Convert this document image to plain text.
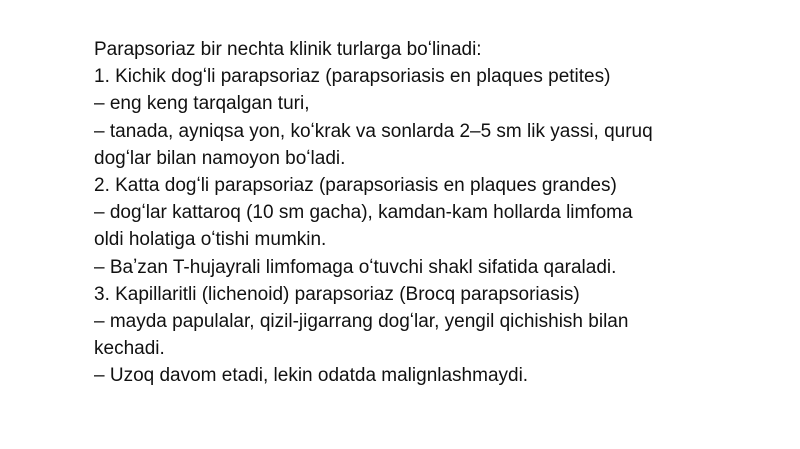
Parapsoriaz bir nechta klinik turlarga boʻlinadi:
1. Kichik dogʻli parapsoriaz (parapsoriasis en plaques petites)
– eng keng tarqalgan turi,
– tanada, ayniqsa yon, koʻkrak va sonlarda 2–5 sm lik yassi, quruq
dogʻlar bilan namoyon boʻladi.
2. Katta dogʻli parapsoriaz (parapsoriasis en plaques grandes)
– dogʻlar kattaroq (10 sm gacha), kamdan-kam hollarda limfoma
oldi holatiga oʻtishi mumkin.
– Baʼzan T-hujayrali limfomaga oʻtuvchi shakl sifatida qaraladi.
3. Kapillaritli (lichenoid) parapsoriaz (Brocq parapsoriasis)
– mayda papulalar, qizil-jigarrang dogʻlar, yengil qichishish bilan
kechadi.
– Uzoq davom etadi, lekin odatda malignlashmaydi.
